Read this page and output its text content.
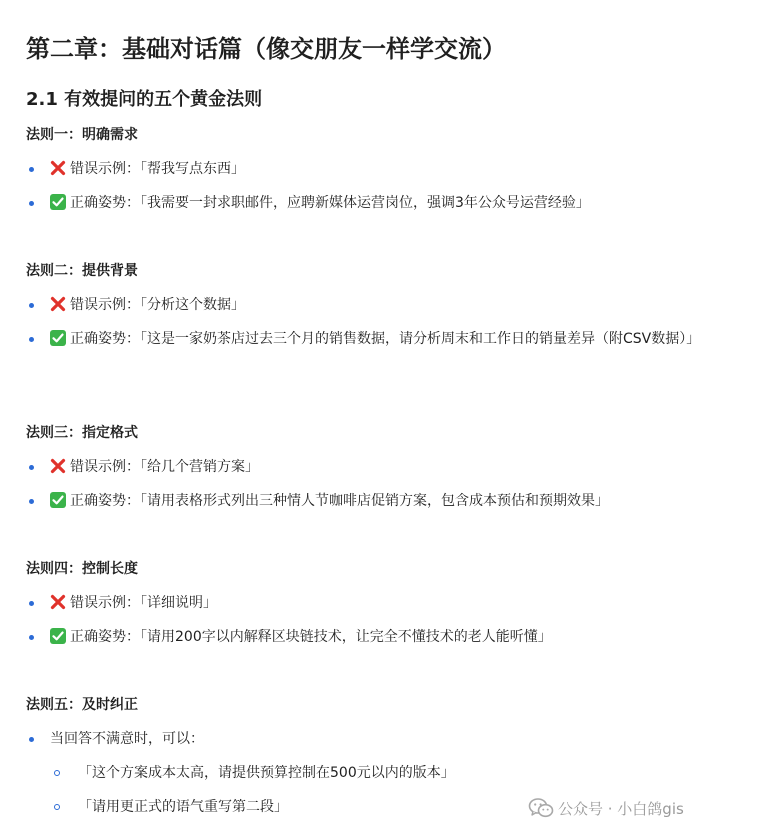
第二章：基础对话篇（像交朋友一样学交流）
2.1 有效提问的五个黄金法则
法则一：明确需求
错误示例：「帮我写点东西」
正确姿势：「我需要一封求职邮件，应聘新媒体运营岗位，强调3年公众号运营经验」
法则二：提供背景
错误示例：「分析这个数据」
正确姿势：「这是一家奶茶店过去三个月的销售数据，请分析周末和工作日的销量差异（附CSV数据）」
法则三：指定格式
错误示例：「给几个营销方案」
正确姿势：「请用表格形式列出三种情人节咖啡店促销方案，包含成本预估和预期效果」
法则四：控制长度
错误示例：「详细说明」
正确姿势：「请用200字以内解释区块链技术，让完全不懂技术的老人能听懂」
法则五：及时纠正
当回答不满意时，可以：
「这个方案成本太高，请提供预算控制在500元以内的版本」
「请用更正式的语气重写第二段」	公众号 · 小白鸽gis
